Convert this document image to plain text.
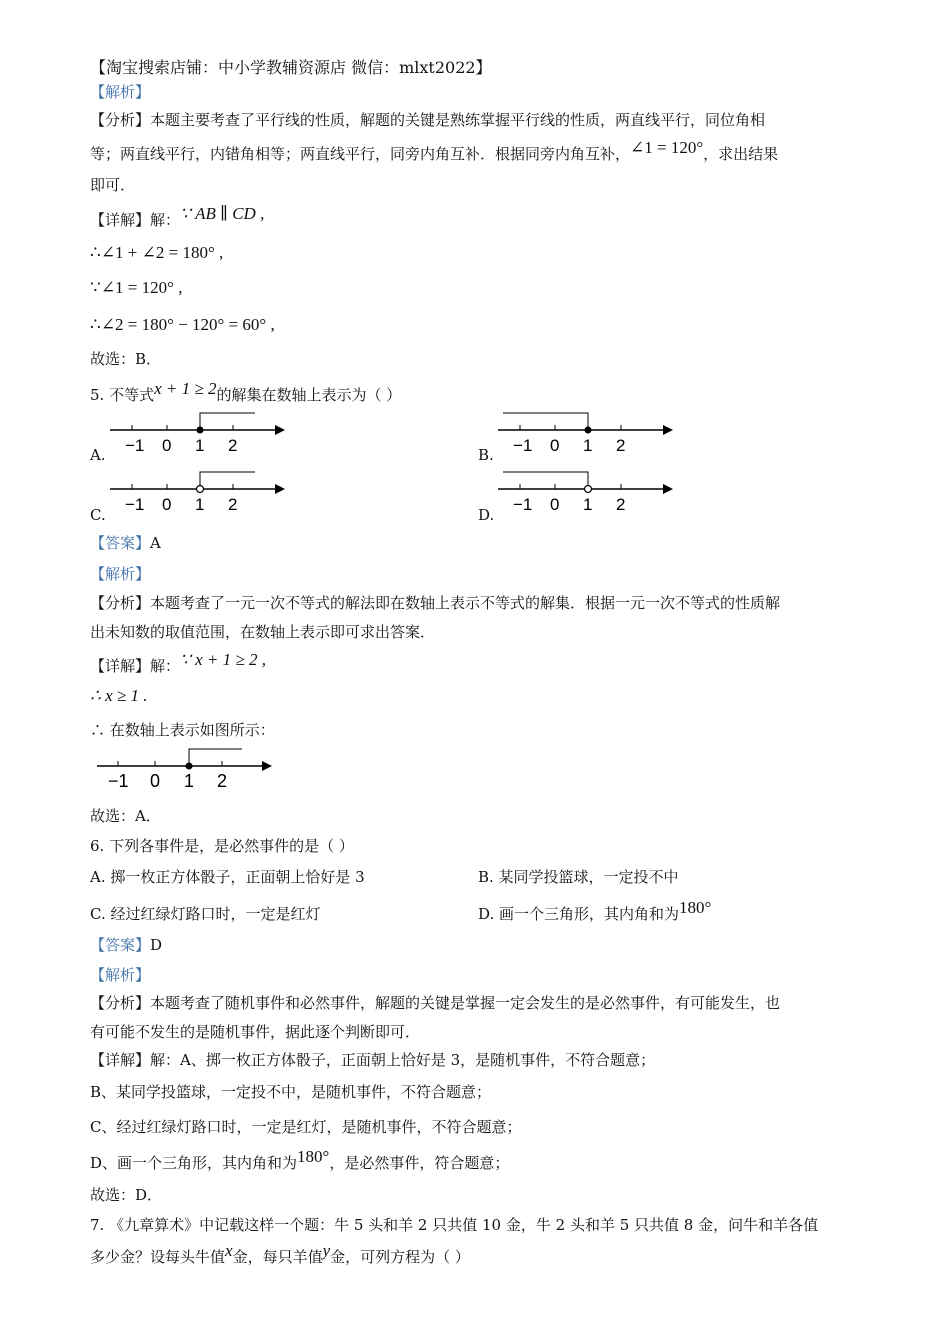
【淘宝搜索店铺：中小学教辅资源店 微信：mlxt2022】
【解析】
【分析】本题主要考查了平行线的性质，解题的关键是熟练掌握平行线的性质，两直线平行，同位角相
等；两直线平行，内错角相等；两直线平行，同旁内角互补．根据同旁内角互补，∠1 = 120°，求出结果
即可．
【详解】解：∵ AB ∥ CD ,
∴∠1 + ∠2 = 180° ,
∵∠1 = 120° ,
∴∠2 = 180° − 120° = 60° ,
故选：B．
5. 不等式x + 1 ≥ 2的解集在数轴上表示为（ ）
A. −1 0 1 2	B. −1 0 1 2
C.
−1 0 1 2
D.
−1 0 1 2
【答案】A
【解析】
【分析】本题考查了一元一次不等式的解法即在数轴上表示不等式的解集．根据一元一次不等式的性质解
出未知数的取值范围，在数轴上表示即可求出答案．
【详解】解：∵ x + 1 ≥ 2 ,
∴ x ≥ 1 .
∴ 在数轴上表示如图所示：
−1 0 1 2
故选：A．
6. 下列各事件是，是必然事件的是（ ）
A. 掷一枚正方体骰子，正面朝上恰好是 3	B. 某同学投篮球，一定投不中
C. 经过红绿灯路口时，一定是红灯	D. 画一个三角形，其内角和为180°
【答案】D
【解析】
【分析】本题考查了随机事件和必然事件，解题的关键是掌握一定会发生的是必然事件，有可能发生，也
有可能不发生的是随机事件，据此逐个判断即可．
【详解】解：A、掷一枚正方体骰子，正面朝上恰好是 3，是随机事件，不符合题意；
B、某同学投篮球，一定投不中，是随机事件，不符合题意；
C、经过红绿灯路口时，一定是红灯，是随机事件，不符合题意；
D、画一个三角形，其内角和为180°，是必然事件，符合题意；
故选：D．
7. 《九章算术》中记载这样一个题：牛 5 头和羊 2 只共值 10 金，牛 2 头和羊 5 只共值 8 金，问牛和羊各值
多少金？设每头牛值x金，每只羊值y金，可列方程为（ ）
